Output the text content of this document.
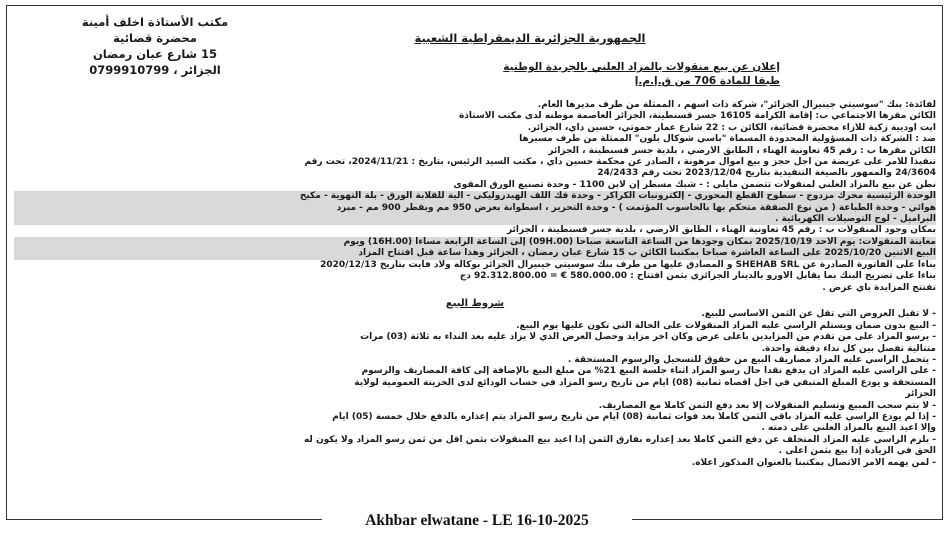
مكتب الأستاذة اخلف أمينة
محضرة قضائية
15 شارع عبان رمضان
الجزائر ، 0799910799
الجمهورية الجزائرية الديمقراطية الشعبية
إعلان عن بيع منقولات بالمزاد العلني بالجريدة الوطنية
طبقا للمادة 706 من ق.إ.م.إ

لفائدة: بنك "سوسيتي جينيرال الجزائر"، شركة ذات أسهم ، الممثلة من طرف مديرها العام.

الكائن مقرها الاجتماعي ب: إقامة الكرامة 16105 جسر قسنطينة، الجزائر العاصمة موطنه لدى مكتب الأستاذة

أيت أوديية زكية للأزاء محضرة قضائية، الكائن ب : 22 شارع عمار حموتي، حسين داي، الجزائر.

ضد : الشركة ذات المسؤولية المحدودة المسماة "باسي شوكال بلون" الممثلة من طرف مسيرها

الكائن مقرها ب : رقم 45 تعاونية الهناء ، الطابق الأرضي ، بلدية جسر قسنطينة ، الجزائر

تنفيذا للأمر على عريضة من أجل حجز و بيع أموال مرهونة ، الصادر عن محكمة حسين داي ، مكتب السيد الرئيس، بتاريخ : 2024/11/21، تحت رقم

24/3604 والممهور بالصيغة التنفيذية بتاريخ 2023/12/04 تحت رقم 24/2433

نطن عن بيع بالمزاد العلني لمنقولات تتضمن مايلي : - شبك مسطر إن لاين 1100 - وحدة تصنيع الورق المقوى

الوحدة الرئيسية محرك مزدوج - سطوح القطع المحوري - إلكترونيات الكراكر - وحدة فك اللف الهيدروليكي - آلية للقلابة الورق - بلة التهوية - مكبح

هوائي - وحدة الطباعة ( من نوع الصفقة متحكم بها بالحاسوب المؤتمت ) - وحدة التحرير ، أسطوانة بعرض 950 مم وبقطر 900 مم - مبرد

البراميل - لوح التوصيلات الكهربائية .

بمكان وجود المنقولات ب : رقم 45 تعاونية الهناء ، الطابق الأرضي ، بلدية جسر قسنطينة ، الجزائر

معاينة المنقولات: يوم الأحد 2025/10/19 بمكان وجودها من الساعة التاسعة صباحا (09H.00) إلى الساعة الرابعة مساءا (16H.00) ويوم

البيع الاثنين 2025/10/20 على الساعة العاشرة صباحا بمكتبنا الكائن ب 15 شارع عبان رمضان ، الجزائر وهذا ساعة قبل افتتاح المزاد

بناءا على الفاتورة الصادرة عن SHEHAB SRL و المصادق عليها من طرف بنك سوسيتي جينيرال الجزائر بوكالة ولاد فايت بتاريخ 2020/12/13

بناءا على تصريح البنك بما يقابل الأورو بالدينار الجزائري بثمن افتتاح : 580.000.00 € = 92.312.800.00 دج

تفتتح المزايدة بأي عرض .

شروط البيع

- لا تقبل العروض التي تقل عن الثمن الأساسي للبيع.

- البيع بدون ضمان ويستلم الراسي عليه المزاد المنقولات على الحالة التي تكون عليها يوم البيع.

- يرسو المزاد على من تقدم من المزايدين بأعلى عرض وكان آخر مزايد وحصل العرض الذي لا يزاد عليه بعد النداء به ثلاثة (03) مرات

متتالية تفصل بين كل نداء دقيقة واحدة.

- يتحمل الراسي عليه المزاد مصاريف البيع من حقوق للتسجيل والرسوم المستحقة .

- على الراسي عليه المزاد أن يدفع نقدا حال رسو المزاد أثناء جلسة البيع 21% من مبلغ البيع بالإضافة إلى كافة المصاريف والرسوم

المستحقة و يودع المبلغ المتبقي في أجل أقصاه ثمانية (08) أيام من تاريخ رسو المزاد في حساب الودائع لدى الخزينة العمومية لولاية

الجزائر

- لا يتم سحب المبيع وتسليم المنقولات إلا بعد دفع الثمن كاملا مع المصاريف.

- إذا لم يودع الراسي عليه المزاد باقي الثمن كاملا بعد فوات ثمانية (08) أيام من تاريخ رسو المزاد يتم إعذاره بالدفع خلال خمسة (05) أيام

وإلا أعيد البيع بالمزاد العلني على ذمته .

- يلزم الراسي عليه المزاد المتخلف عن دفع الثمن كاملا بعد إعذاره بفارق الثمن إذا أعيد بيع المنقولات بثمن أقل من ثمن رسو المزاد ولا يكون له

الحق في الزيادة إذا بيع بثمن أعلى .

- لمن يهمه الأمر الاتصال بمكتبنا بالعنوان المذكور أعلاه.

Akhbar elwatane - LE 16-10-2025
